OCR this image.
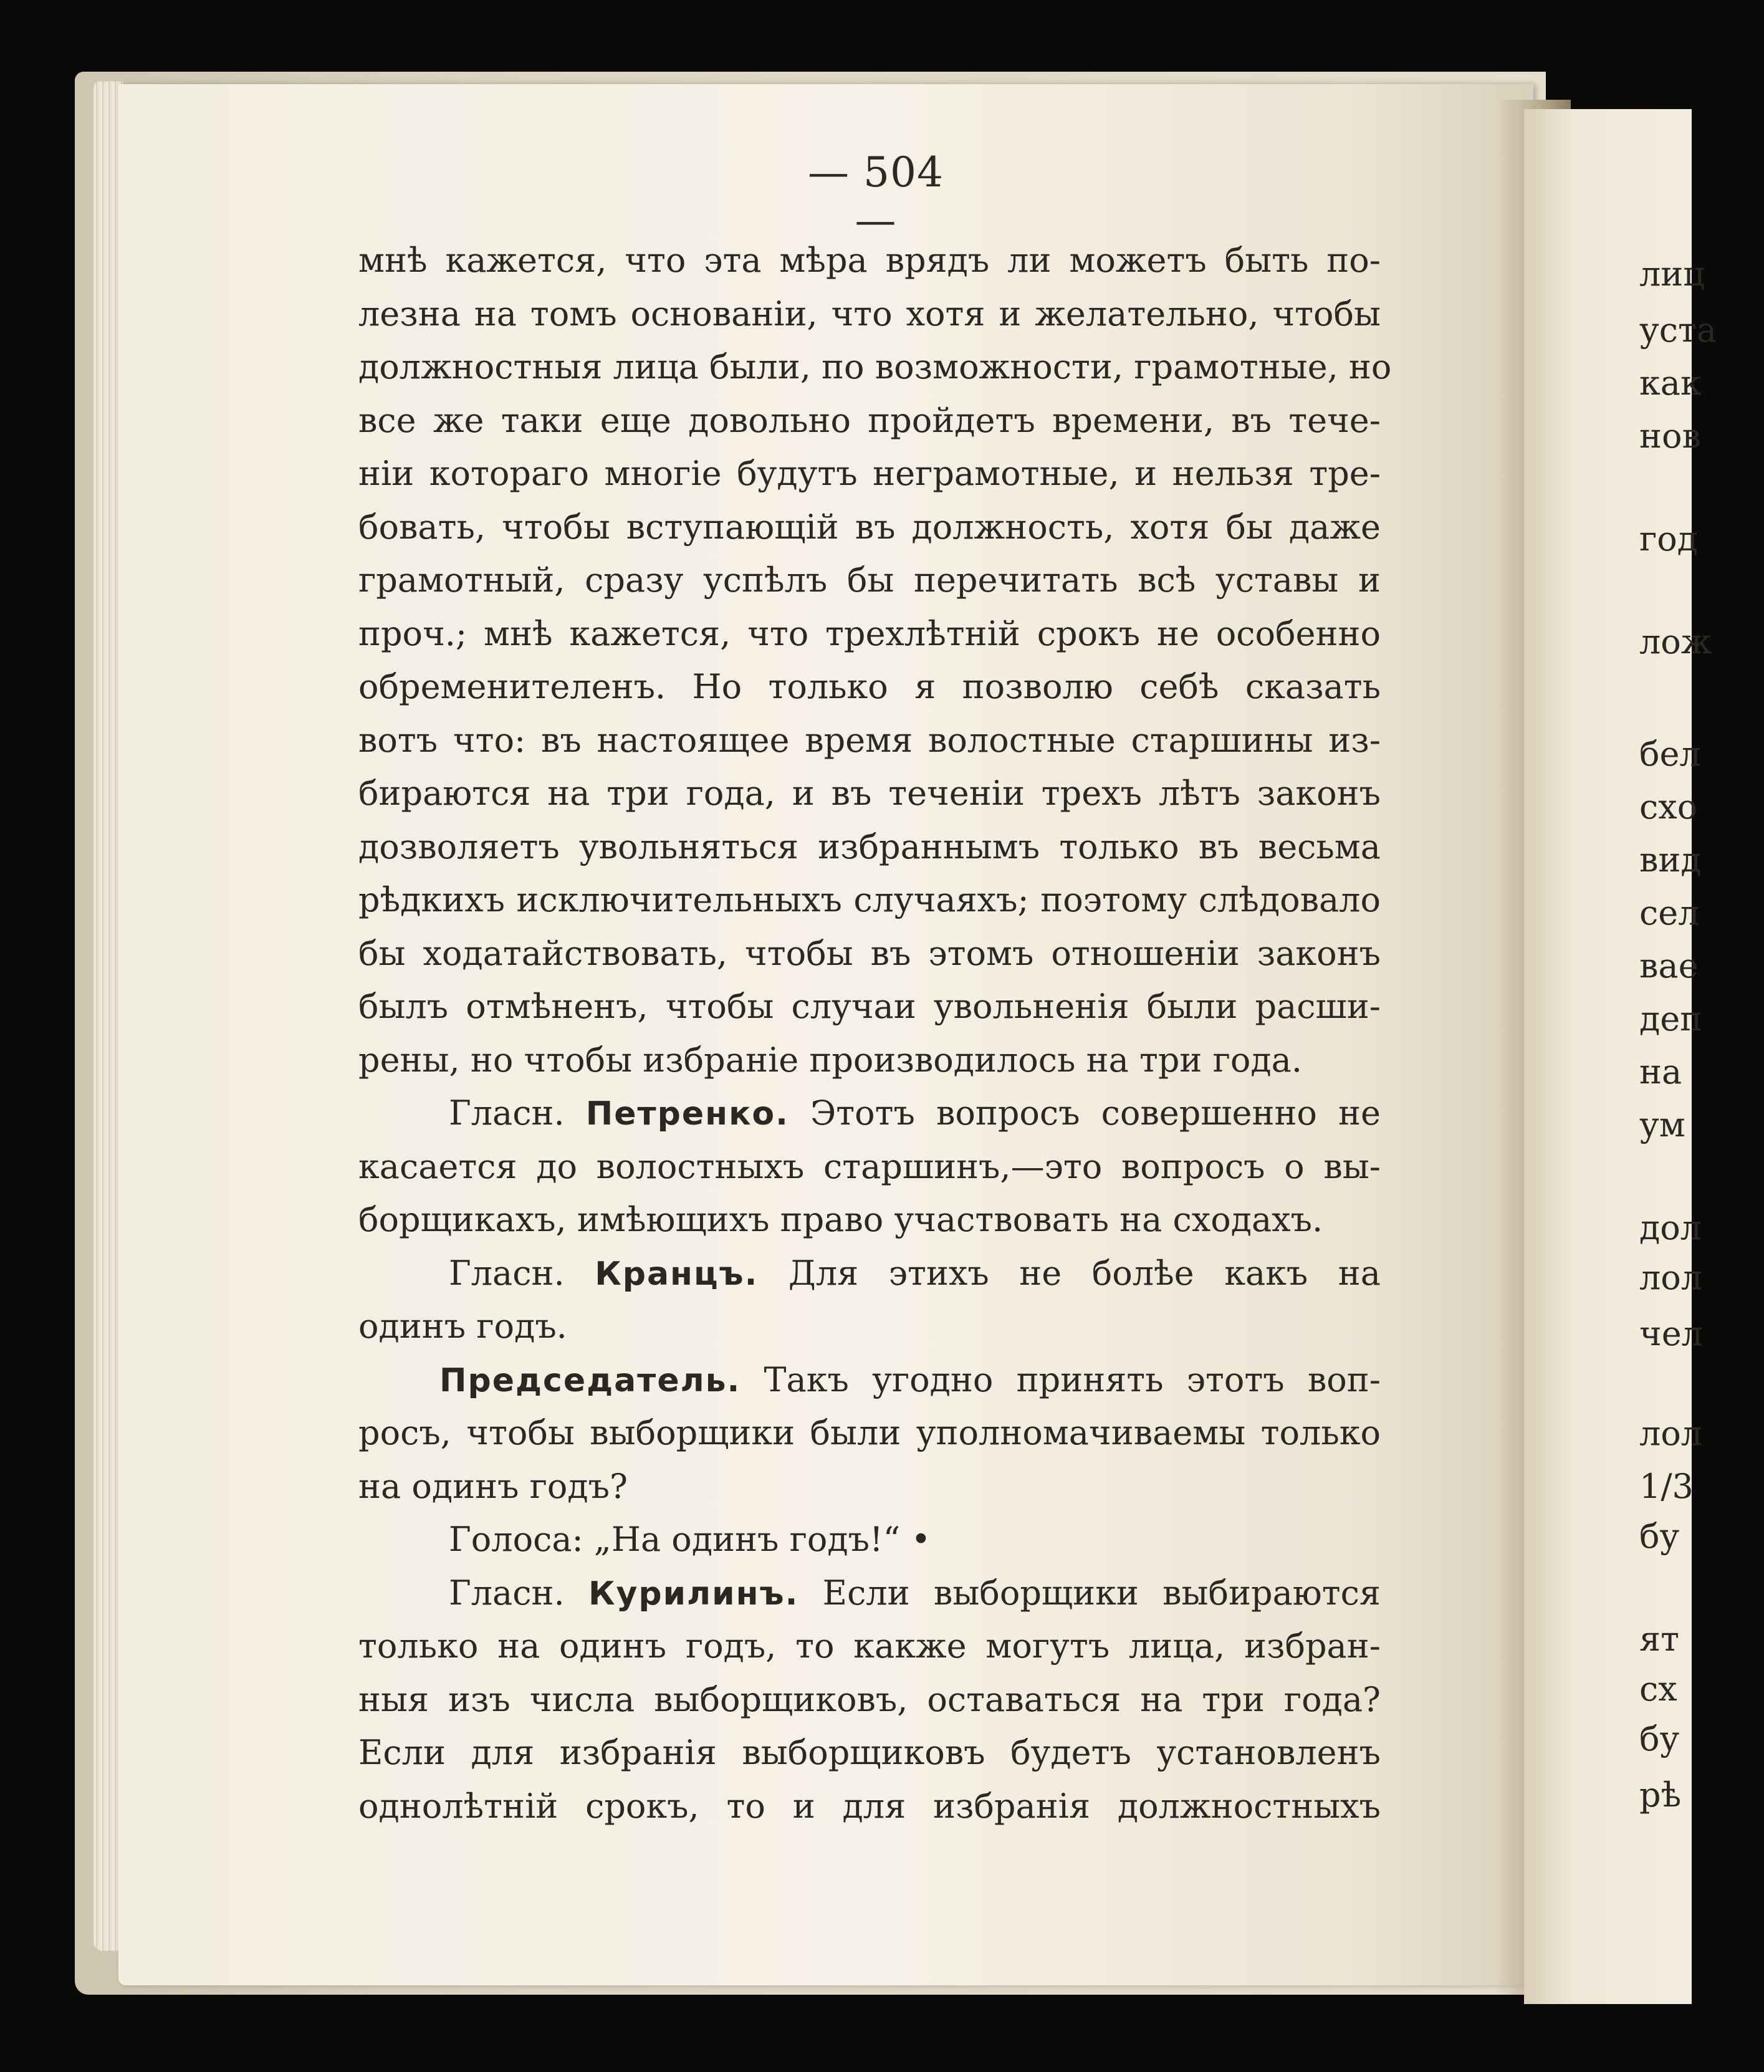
— 504 —
мнѣ кажется, что эта мѣра врядъ ли можетъ быть по-
лезна на томъ основаніи, что хотя и желательно, чтобы
должностныя лица были, по возможности, грамотные, но
все же таки еще довольно пройдетъ времени, въ тече-
ніи котораго многіе будутъ неграмотные, и нельзя тре-
бовать, чтобы вступающій въ должность, хотя бы даже
грамотный, сразу успѣлъ бы перечитать всѣ уставы и
проч.; мнѣ кажется, что трехлѣтній срокъ не особенно
обременителенъ. Но только я позволю себѣ сказать
вотъ что: въ настоящее время волостные старшины из-
бираются на три года, и въ теченіи трехъ лѣтъ законъ
дозволяетъ увольняться избраннымъ только въ весьма
рѣдкихъ исключительныхъ случаяхъ; поэтому слѣдовало
бы ходатайствовать, чтобы въ этомъ отношеніи законъ
былъ отмѣненъ, чтобы случаи увольненія были расши-
рены, но чтобы избраніе производилось на три года.
Гласн. Петренко. Этотъ вопросъ совершенно не
касается до волостныхъ старшинъ,—это вопросъ о вы-
борщикахъ, имѣющихъ право участвовать на сходахъ.
Гласн. Кранцъ. Для этихъ не болѣе какъ на
одинъ годъ.
Председатель. Такъ угодно принять этотъ воп-
росъ, чтобы выборщики были уполномачиваемы только
на одинъ годъ?
Голоса: „На одинъ годъ!“ •
Гласн. Курилинъ. Если выборщики выбираются
только на одинъ годъ, то какже могутъ лица, избран-
ныя изъ числа выборщиковъ, оставаться на три года?
Если для избранія выборщиковъ будетъ установленъ
однолѣтній срокъ, то и для избранія должностныхъ
лиц
уста
как
нов
год
лож
бел
схо
вид
сел
вае
деп
на
ум
дол
лол
чел
лол
1/3
бу
ят
сх
бу
рѣ
